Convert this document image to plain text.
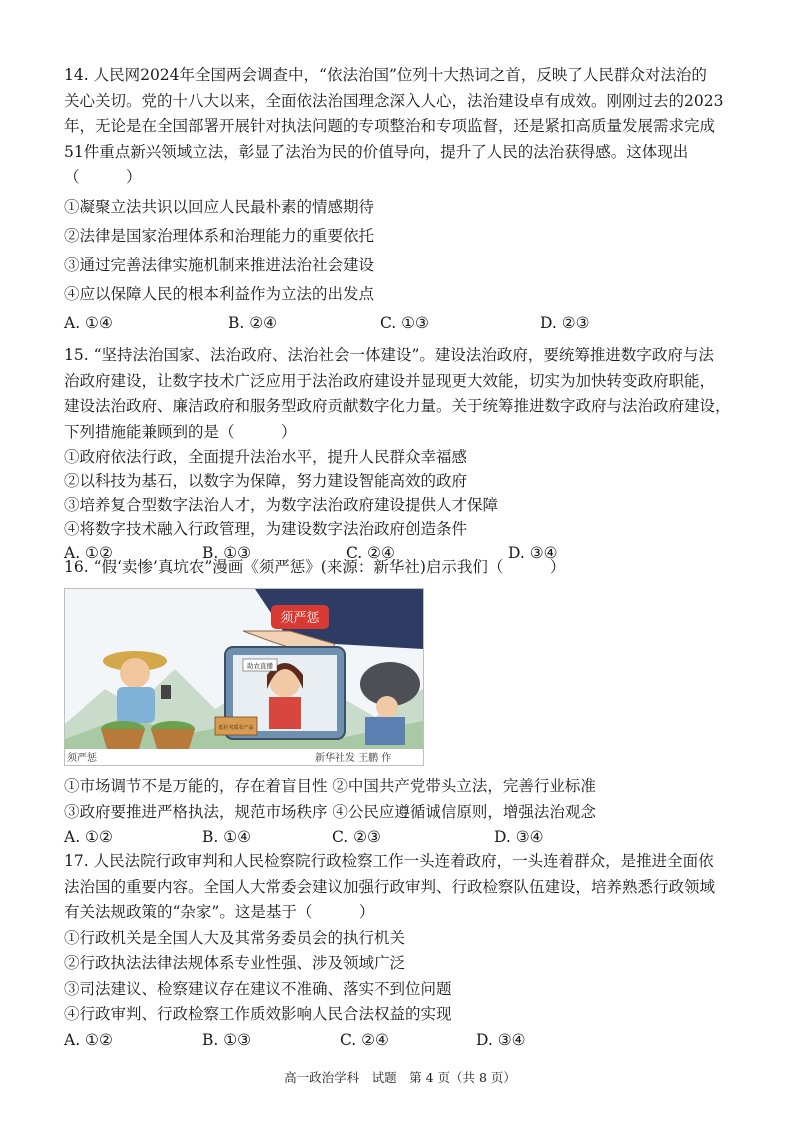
14. 人民网2024年全国两会调查中，“依法治国”位列十大热词之首，反映了人民群众对法治的
关心关切。党的十八大以来，全面依法治国理念深入人心，法治建设卓有成效。刚刚过去的2023
年，无论是在全国部署开展针对执法问题的专项整治和专项监督，还是紧扣高质量发展需求完成
51件重点新兴领域立法，彰显了法治为民的价值导向，提升了人民的法治获得感。这体现出
（　　　）
①凝聚立法共识以回应人民最朴素的情感期待
②法律是国家治理体系和治理能力的重要依托
③通过完善法律实施机制来推进法治社会建设
④应以保障人民的根本利益作为立法的出发点
A. ①④	B. ②④	C. ①③	D. ②③
15. “坚持法治国家、法治政府、法治社会一体建设”。建设法治政府，要统筹推进数字政府与法
治政府建设，让数字技术广泛应用于法治政府建设并显现更大效能，切实为加快转变政府职能，
建设法治政府、廉洁政府和服务型政府贡献数字化力量。关于统筹推进数字政府与法治政府建设，
下列措施能兼顾到的是（　　　）
①政府依法行政，全面提升法治水平，提升人民群众幸福感
②以科技为基石，以数字为保障，努力建设智能高效的政府
③培养复合型数字法治人才，为数字法治政府建设提供人才保障
④将数字技术融入行政管理，为建设数字法治政府创造条件
A. ①②	B. ①③	C. ②④	D. ③④
16. “假‘卖惨’真坑农”漫画《须严惩》(来源：新华社)启示我们（　　　）
须严惩
助农直播
低价劣质农产品
须严惩	新华社发 王鹏 作
①市场调节不是万能的，存在着盲目性 ②中国共产党带头立法，完善行业标准
③政府要推进严格执法，规范市场秩序 ④公民应遵循诚信原则，增强法治观念
A. ①②	B. ①④	C. ②③	D. ③④
17. 人民法院行政审判和人民检察院行政检察工作一头连着政府，一头连着群众，是推进全面依
法治国的重要内容。全国人大常委会建议加强行政审判、行政检察队伍建设，培养熟悉行政领域
有关法规政策的“杂家”。这是基于（　　　）
①行政机关是全国人大及其常务委员会的执行机关
②行政执法法律法规体系专业性强、涉及领域广泛
③司法建议、检察建议存在建议不准确、落实不到位问题
④行政审判、行政检察工作质效影响人民合法权益的实现
A. ①②	B. ①③	C. ②④	D. ③④
高一政治学科　试题　第 4 页（共 8 页）
